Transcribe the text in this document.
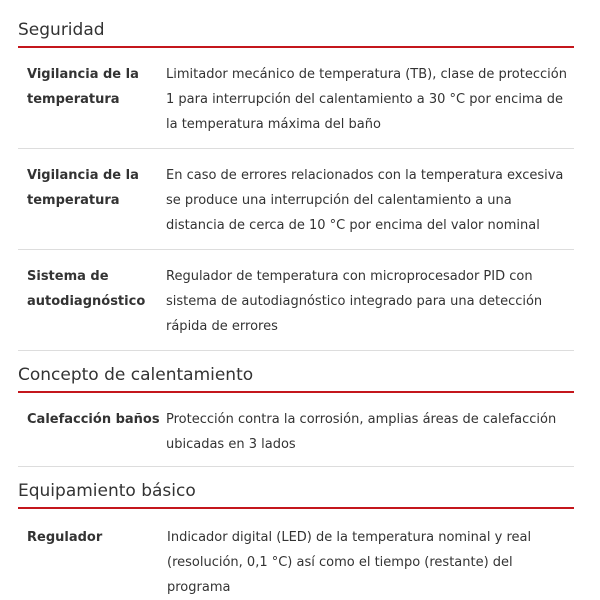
Seguridad
Vigilancia de la temperatura
Limitador mecánico de temperatura (TB), clase de protección 1 para interrupción del calentamiento a 30 °C por encima de la temperatura máxima del baño
Vigilancia de la temperatura
En caso de errores relacionados con la temperatura excesiva se produce una interrupción del calentamiento a una distancia de cerca de 10 °C por encima del valor nominal
Sistema de autodiagnóstico
Regulador de temperatura con microprocesador PID con sistema de autodiagnóstico integrado para una detección rápida de errores
Concepto de calentamiento
Calefacción baños Protección contra la corrosión, amplias áreas de calefacción ubicadas en 3 lados
Equipamiento básico
Regulador	Indicador digital (LED) de la temperatura nominal y real (resolución, 0,1 °C) así como el tiempo (restante) del programa
